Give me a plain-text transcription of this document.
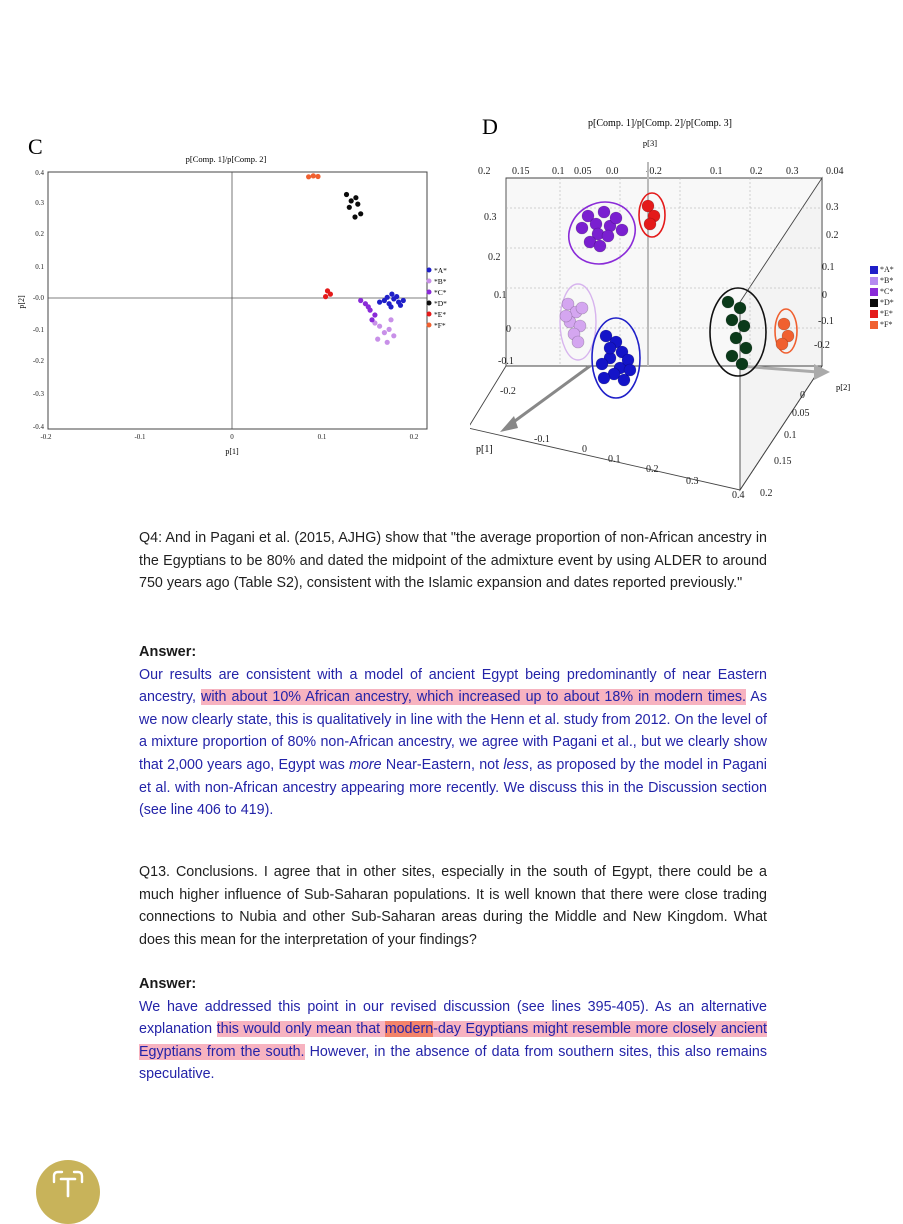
C	p[Comp. 1]/p[Comp. 2]
0.4
0.3
0.2
0.1
-0.0
-0.1
-0.2
-0.3
-0.4
-0.2	-0.1	0	0.1	0.2
p[1]
p[2]
*A*
*B*
*C*
*D*
*E*
*F*
D	p[Comp. 1]/p[Comp. 2]/p[Comp. 3]
p[3]
0.2
0.3
0.2
0.1
0
-0.1
-0.2
-0.1
0
0.1
0.2
0.3
0.4 0.2
0.15
0.1
0.05
0
0.3
0.2
0.1
0
-0.1
-0.2
0.15 0.1 0.05 0.0	-0.2	0.1	0.2 0.3	0.04
p[1]
p[2]
*A*
*B*
*C*
*D*
*E*
*F*

Q4: And in Pagani et al. (2015, AJHG) show that "the average proportion of non-African ancestry in the Egyptians to be 80% and dated the midpoint of the admixture event by using ALDER to around 750 years ago (Table S2), consistent with the Islamic expansion and dates reported previously."

Answer:

Our results are consistent with a model of ancient Egypt being predominantly of near Eastern ancestry, with about 10% African ancestry, which increased up to about 18% in modern times. As we now clearly state, this is qualitatively in line with the Henn et al. study from 2012. On the level of a mixture proportion of 80% non-African ancestry, we agree with Pagani et al., but we clearly show that 2,000 years ago, Egypt was more Near-Eastern, not less, as proposed by the model in Pagani et al. with non-African ancestry appearing more recently. We discuss this in the Discussion section (see line 406 to 419).

Q13. Conclusions. I agree that in other sites, especially in the south of Egypt, there could be a much higher influence of Sub-Saharan populations. It is well known that there were close trading connections to Nubia and other Sub-Saharan areas during the Middle and New Kingdom. What does this mean for the interpretation of your findings?

Answer:

We have addressed this point in our revised discussion (see lines 395-405). As an alternative explanation this would only mean that modern-day Egyptians might resemble more closely ancient Egyptians from the south. However, in the absence of data from southern sites, this also remains speculative.
